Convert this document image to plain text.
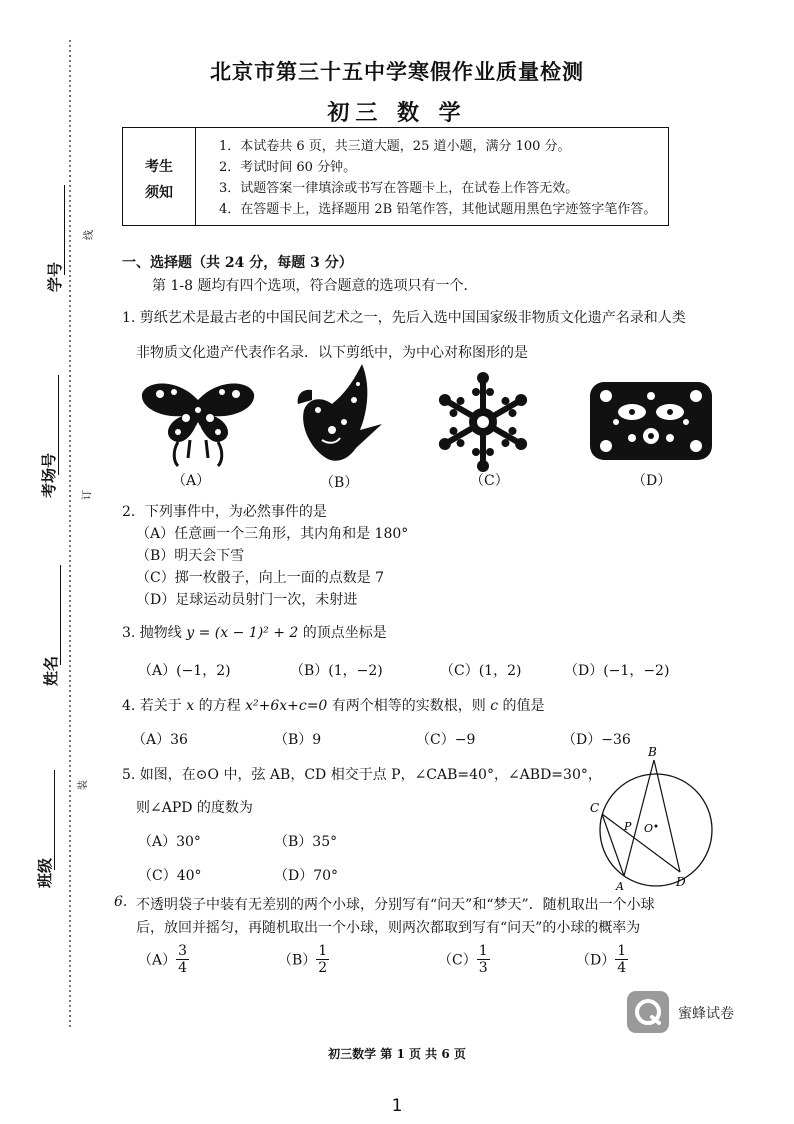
学号
线
考场号	订
姓名
装
班级
北京市第三十五中学寒假作业质量检测
初三 数 学
考生
须知
1．本试卷共 6 页，共三道大题，25 道小题，满分 100 分。
2．考试时间 60 分钟。
3．试题答案一律填涂或书写在答题卡上，在试卷上作答无效。
4．在答题卡上，选择题用 2B 铅笔作答，其他试题用黑色字迹签字笔作答。
一、选择题（共 24 分，每题 3 分）
第 1-8 题均有四个选项，符合题意的选项只有一个．
1. 剪纸艺术是最古老的中国民间艺术之一，先后入选中国国家级非物质文化遗产名录和人类
非物质文化遗产代表作名录．以下剪纸中，为中心对称图形的是
（A）	（B）	（C）	（D）
2．下列事件中，为必然事件的是
（A）任意画一个三角形，其内角和是 180°
（B）明天会下雪
（C）掷一枚骰子，向上一面的点数是 7
（D）足球运动员射门一次，未射进
3. 抛物线 y = (x − 1)² + 2 的顶点坐标是
（A）(−1，2)	（B）(1，−2)	（C）(1，2)	（D）(−1，−2)
4. 若关于 x 的方程 x²+6x+c=0 有两个相等的实数根，则 c 的值是
（A）36	（B）9	（C）−9	（D）−36
5. 如图，在⊙O 中，弦 AB，CD 相交于点 P，∠CAB=40°，∠ABD=30°，
则∠APD 的度数为
（A）30°	（B）35°
（C）40°	（D）70°
B
C
P O
A	D
6. 不透明袋子中装有无差别的两个小球，分别写有“问天”和“梦天”．随机取出一个小球
后，放回并摇匀，再随机取出一个小球，则两次都取到写有“问天”的小球的概率为
$(A) \frac{3}{4}$	$(B) \frac{1}{2}$	$(C) \frac{1}{3}$	$(D) \frac{1}{4}$
蜜蜂试卷
初三数学 第 1 页 共 6 页
1
